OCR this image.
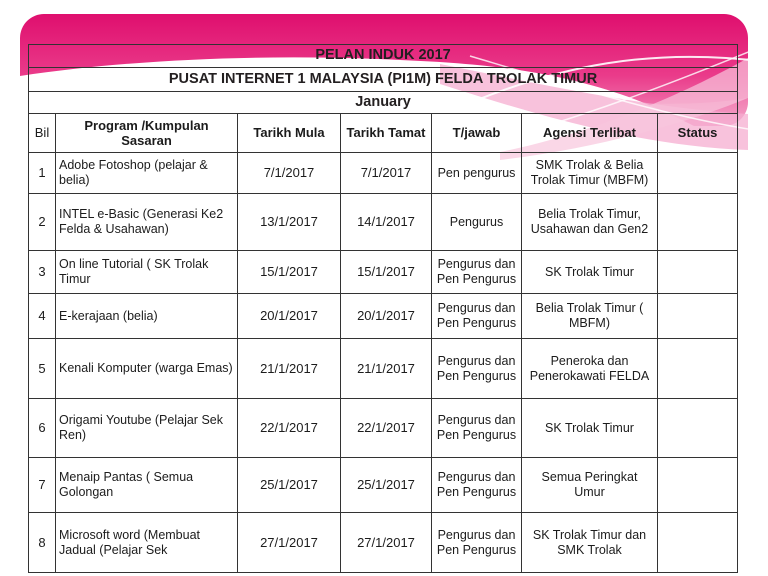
PELAN INDUK 2017						
PUSAT INTERNET 1 MALAYSIA (PI1M) FELDA TROLAK TIMUR						
January						
Bil	Program /Kumpulan Sasaran	Tarikh Mula	Tarikh Tamat	T/jawab	Agensi Terlibat	Status
1	Adobe Fotoshop (pelajar & belia)	7/1/2017	7/1/2017	Pen pengurus	SMK Trolak & Belia Trolak Timur (MBFM)	
2	INTEL e-Basic (Generasi Ke2 Felda & Usahawan)	13/1/2017	14/1/2017	Pengurus	Belia Trolak Timur, Usahawan dan Gen2	
3	On line Tutorial ( SK Trolak Timur	15/1/2017	15/1/2017	Pengurus dan Pen Pengurus	SK Trolak Timur	
4	E-kerajaan (belia)	20/1/2017	20/1/2017	Pengurus dan Pen Pengurus	Belia Trolak Timur ( MBFM)	
5	Kenali Komputer (warga Emas)	21/1/2017	21/1/2017	Pengurus dan Pen Pengurus	Peneroka dan Penerokawati FELDA	
6	Origami Youtube (Pelajar Sek Ren)	22/1/2017	22/1/2017	Pengurus dan Pen Pengurus	SK Trolak Timur	
7	Menaip Pantas ( Semua Golongan	25/1/2017	25/1/2017	Pengurus dan Pen Pengurus	Semua Peringkat Umur	
8	Microsoft word (Membuat Jadual (Pelajar Sek	27/1/2017	27/1/2017	Pengurus dan Pen Pengurus	SK Trolak Timur dan SMK Trolak	
